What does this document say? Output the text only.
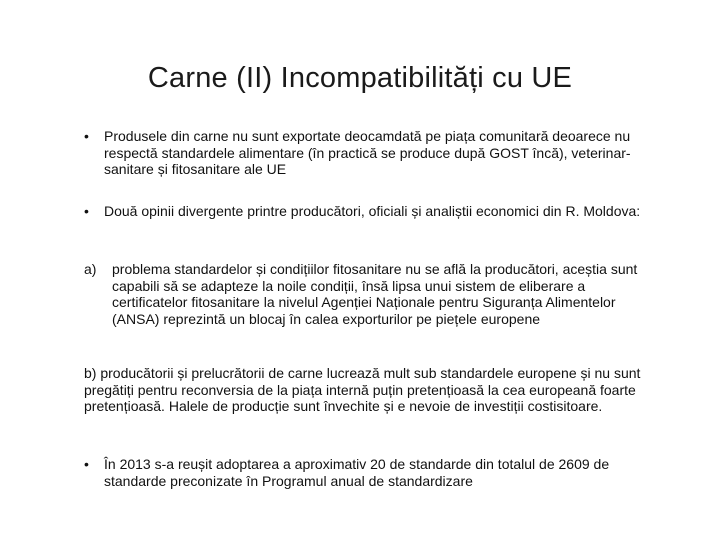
Carne (II) Incompatibilități cu UE
•	Produsele din carne nu sunt exportate deocamdată pe piața comunitară deoarece nu respectă standardele alimentare (în practică se produce după GOST încă), veterinar-sanitare și fitosanitare ale UE
•	Două opinii divergente printre producători, oficiali și analiștii economici din R. Moldova:
a)	problema standardelor și condițiilor fitosanitare nu se află la producători, aceștia sunt capabili să se adapteze la noile condiții, însă lipsa unui sistem de eliberare a certificatelor fitosanitare la nivelul Agenției Naționale pentru Siguranța Alimentelor (ANSA) reprezintă un blocaj în calea exporturilor pe piețele europene
b) producătorii și prelucrătorii de carne lucrează mult sub standardele europene și nu sunt pregătiți pentru reconversia de la piața internă puțin pretențioasă la cea europeană foarte pretențioasă. Halele de producție sunt învechite și e nevoie de investiții costisitoare.
•	În 2013 s-a reușit adoptarea a aproximativ 20 de standarde din totalul de 2609 de standarde preconizate în Programul anual de standardizare
